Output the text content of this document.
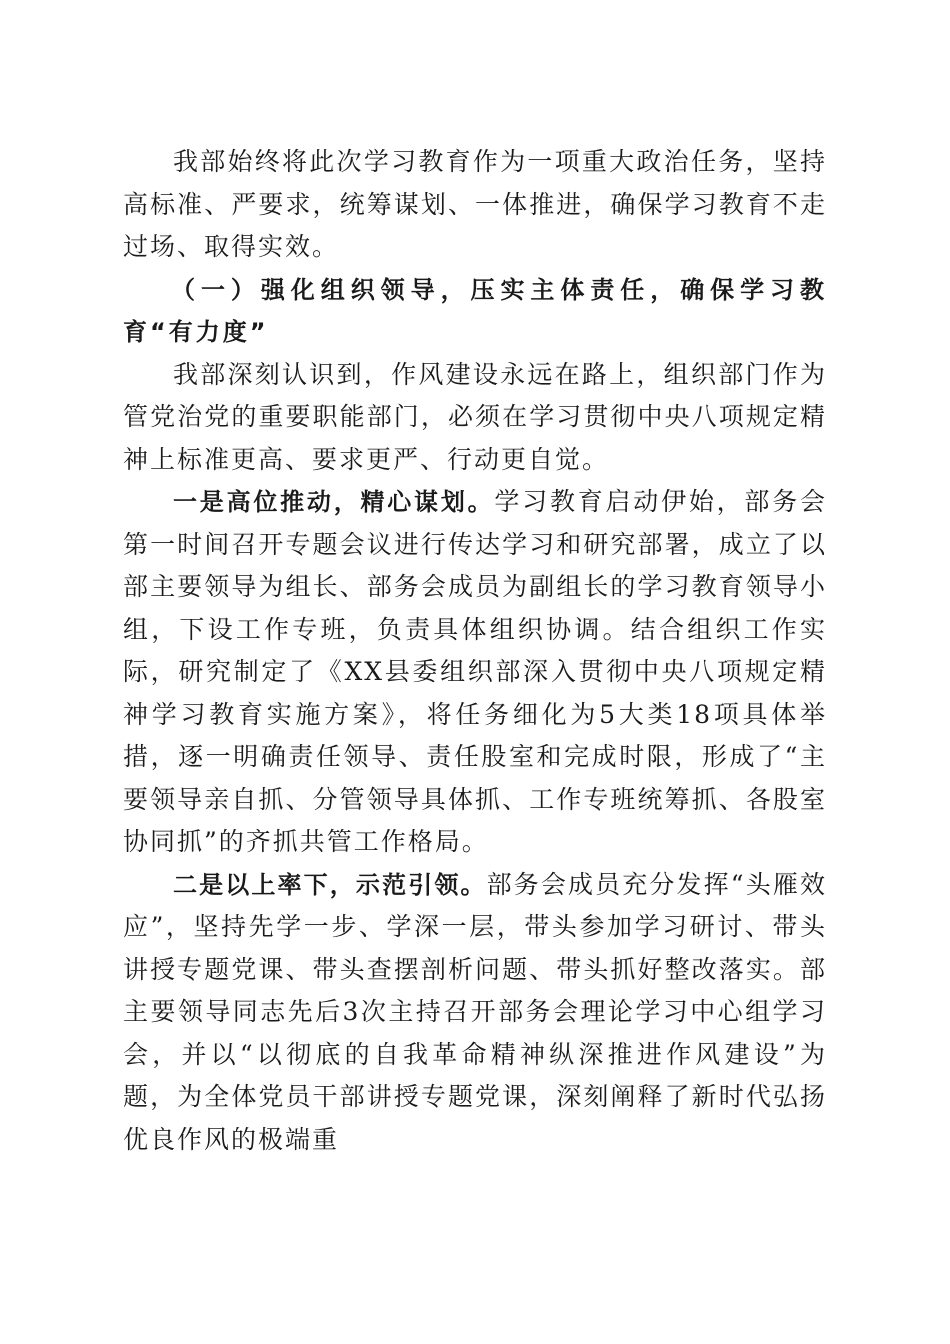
我部始终将此次学习教育作为一项重大政治任务，坚持高标准、严要求，统筹谋划、一体推进，确保学习教育不走过场、取得实效。

（一）强化组织领导，压实主体责任，确保学习教育“有力度”

我部深刻认识到，作风建设永远在路上，组织部门作为管党治党的重要职能部门，必须在学习贯彻中央八项规定精神上标准更高、要求更严、行动更自觉。

一是高位推动，精心谋划。学习教育启动伊始，部务会第一时间召开专题会议进行传达学习和研究部署，成立了以部主要领导为组长、部务会成员为副组长的学习教育领导小组，下设工作专班，负责具体组织协调。结合组织工作实际，研究制定了《XX县委组织部深入贯彻中央八项规定精神学习教育实施方案》，将任务细化为5大类18项具体举措，逐一明确责任领导、责任股室和完成时限，形成了“主要领导亲自抓、分管领导具体抓、工作专班统筹抓、各股室协同抓”的齐抓共管工作格局。

二是以上率下，示范引领。部务会成员充分发挥“头雁效应”，坚持先学一步、学深一层，带头参加学习研讨、带头讲授专题党课、带头查摆剖析问题、带头抓好整改落实。部主要领导同志先后3次主持召开部务会理论学习中心组学习会，并以“以彻底的自我革命精神纵深推进作风建设”为题，为全体党员干部讲授专题党课，深刻阐释了新时代弘扬优良作风的极端重
